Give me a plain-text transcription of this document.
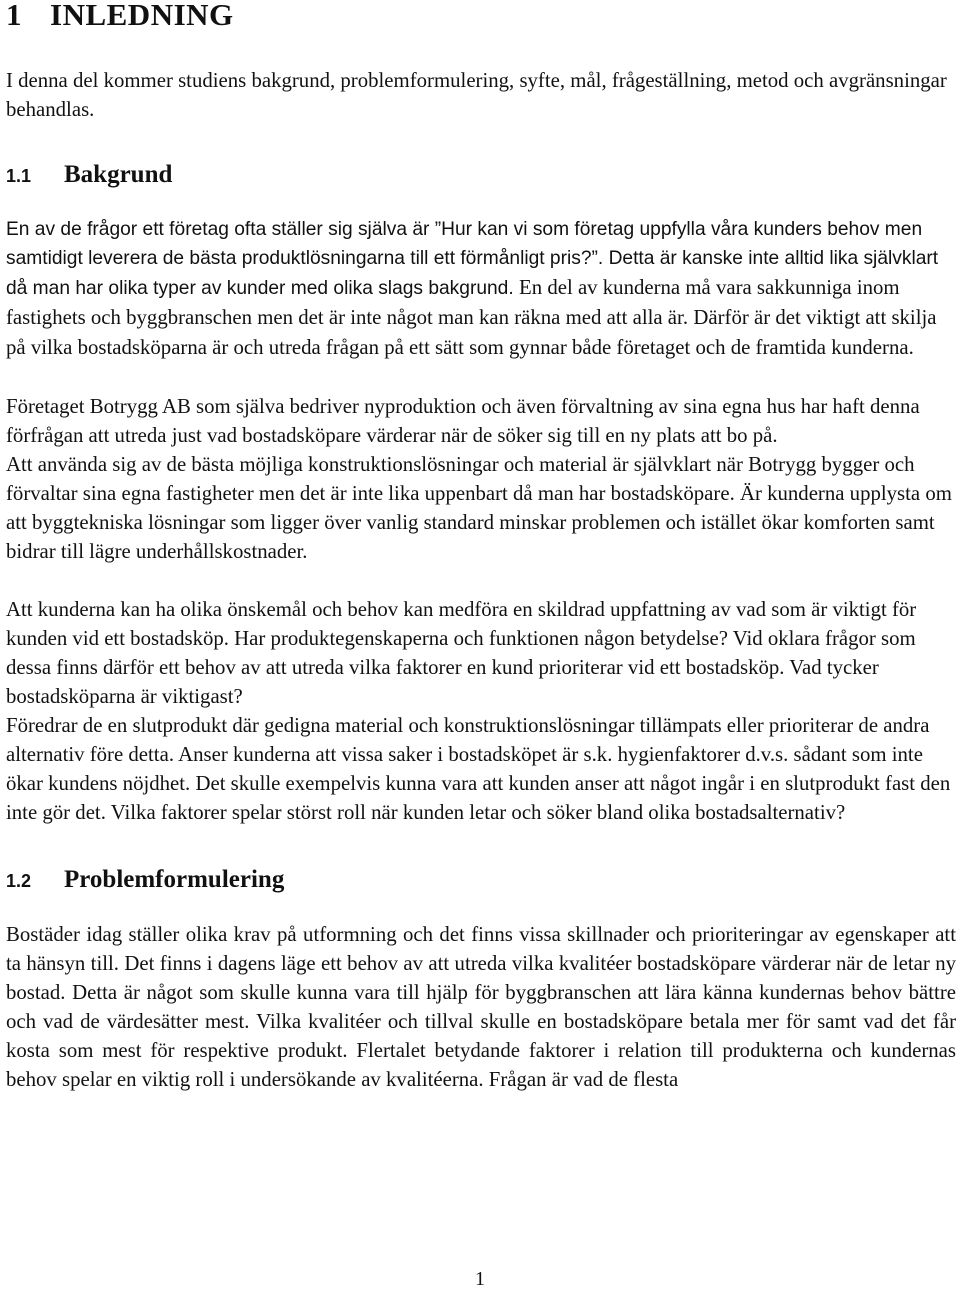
1 INLEDNING

I denna del kommer studiens bakgrund, problemformulering, syfte, mål, frågeställning, metod och avgränsningar behandlas.

1.1	Bakgrund

En av de frågor ett företag ofta ställer sig själva är ”Hur kan vi som företag uppfylla våra kunders behov men samtidigt leverera de bästa produktlösningarna till ett förmånligt pris?”. Detta är kanske inte alltid lika självklart då man har olika typer av kunder med olika slags bakgrund. En del av kunderna må vara sakkunniga inom fastighets och byggbranschen men det är inte något man kan räkna med att alla är. Därför är det viktigt att skilja på vilka bostadsköparna är och utreda frågan på ett sätt som gynnar både företaget och de framtida kunderna.

Företaget Botrygg AB som själva bedriver nyproduktion och även förvaltning av sina egna hus har haft denna förfrågan att utreda just vad bostadsköpare värderar när de söker sig till en ny plats att bo på.

Att använda sig av de bästa möjliga konstruktionslösningar och material är självklart när Botrygg bygger och förvaltar sina egna fastigheter men det är inte lika uppenbart då man har bostadsköpare. Är kunderna upplysta om att byggtekniska lösningar som ligger över vanlig standard minskar problemen och istället ökar komforten samt bidrar till lägre underhållskostnader.

Att kunderna kan ha olika önskemål och behov kan medföra en skildrad uppfattning av vad som är viktigt för kunden vid ett bostadsköp. Har produktegenskaperna och funktionen någon betydelse? Vid oklara frågor som dessa finns därför ett behov av att utreda vilka faktorer en kund prioriterar vid ett bostadsköp. Vad tycker bostadsköparna är viktigast?

Föredrar de en slutprodukt där gedigna material och konstruktionslösningar tillämpats eller prioriterar de andra alternativ före detta. Anser kunderna att vissa saker i bostadsköpet är s.k. hygienfaktorer d.v.s. sådant som inte ökar kundens nöjdhet. Det skulle exempelvis kunna vara att kunden anser att något ingår i en slutprodukt fast den inte gör det. Vilka faktorer spelar störst roll när kunden letar och söker bland olika bostadsalternativ?

1.2	Problemformulering

Bostäder idag ställer olika krav på utformning och det finns vissa skillnader och prioriteringar av egenskaper att ta hänsyn till. Det finns i dagens läge ett behov av att utreda vilka kvalitéer bostadsköpare värderar när de letar ny bostad. Detta är något som skulle kunna vara till hjälp för byggbranschen att lära känna kundernas behov bättre och vad de värdesätter mest. Vilka kvalitéer och tillval skulle en bostadsköpare betala mer för samt vad det får kosta som mest för respektive produkt. Flertalet betydande faktorer i relation till produkterna och kundernas behov spelar en viktig roll i undersökande av kvalitéerna. Frågan är vad de flesta

1
